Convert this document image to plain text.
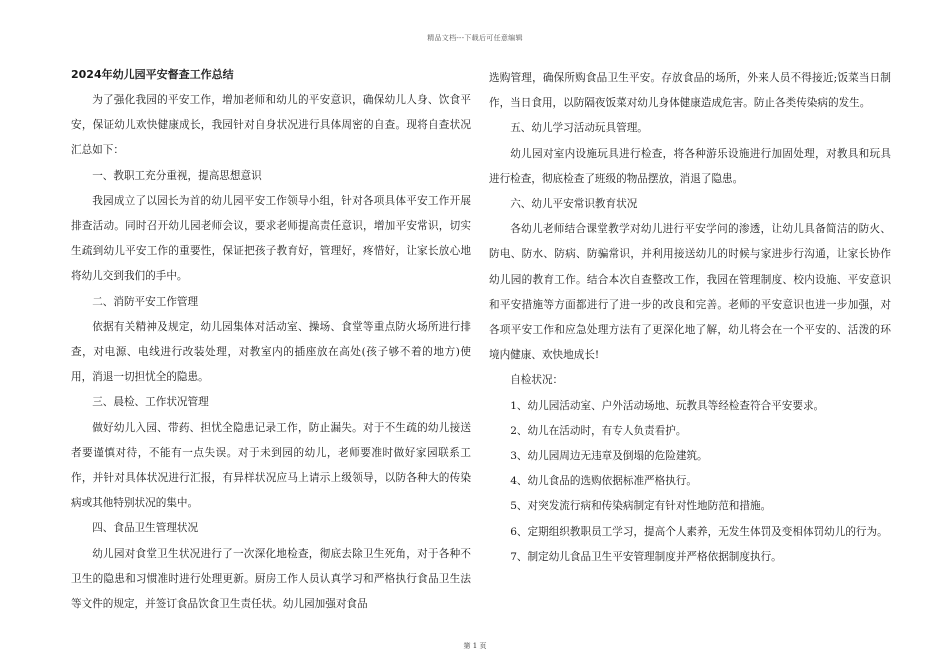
精品文档---下载后可任意编辑
2024年幼儿园平安督查工作总结

为了强化我园的平安工作，增加老师和幼儿的平安意识，确保幼儿人身、饮食平安，保证幼儿欢快健康成长，我园针对自身状况进行具体周密的自查。现将自查状况汇总如下：

一、教职工充分重视，提高思想意识

我园成立了以园长为首的幼儿园平安工作领导小组，针对各项具体平安工作开展排查活动。同时召开幼儿园老师会议，要求老师提高责任意识，增加平安常识，切实生疏到幼儿平安工作的重要性，保证把孩子教育好，管理好，疼惜好，让家长放心地将幼儿交到我们的手中。

二、消防平安工作管理

依据有关精神及规定，幼儿园集体对活动室、操场、食堂等重点防火场所进行排查，对电源、电线进行改装处理，对教室内的插座放在高处(孩子够不着的地方)使用，消退一切担忧全的隐患。

三、晨检、工作状况管理

做好幼儿入园、带药、担忧全隐患记录工作，防止漏失。对于不生疏的幼儿接送者要谨慎对待，不能有一点失误。对于未到园的幼儿，老师要准时做好家园联系工作，并针对具体状况进行汇报，有异样状况应马上请示上级领导，以防各种大的传染病或其他特别状况的集中。

四、食品卫生管理状况

幼儿园对食堂卫生状况进行了一次深化地检查，彻底去除卫生死角，对于各种不卫生的隐患和习惯准时进行处理更新。厨房工作人员认真学习和严格执行食品卫生法等文件的规定，并签订食品饮食卫生责任状。幼儿园加强对食品

选购管理，确保所购食品卫生平安。存放食品的场所，外来人员不得接近;饭菜当日制作，当日食用，以防隔夜饭菜对幼儿身体健康造成危害。防止各类传染病的发生。

五、幼儿学习活动玩具管理。

幼儿园对室内设施玩具进行检查，将各种游乐设施进行加固处理，对教具和玩具进行检查，彻底检查了班级的物品摆放，消退了隐患。

六、幼儿平安常识教育状况

各幼儿老师结合课堂教学对幼儿进行平安学问的渗透，让幼儿具备简洁的防火、防电、防水、防病、防骗常识，并利用接送幼儿的时候与家进步行沟通，让家长协作幼儿园的教育工作。结合本次自查整改工作，我园在管理制度、校内设施、平安意识和平安措施等方面都进行了进一步的改良和完善。老师的平安意识也进一步加强，对各项平安工作和应急处理方法有了更深化地了解，幼儿将会在一个平安的、活泼的环境内健康、欢快地成长!

自检状况：

1、幼儿园活动室、户外活动场地、玩教具等经检查符合平安要求。

2、幼儿在活动时，有专人负责看护。

3、幼儿园周边无违章及倒塌的危险建筑。

4、幼儿食品的选购依据标准严格执行。

5、对突发流行病和传染病制定有针对性地防范和措施。

6、定期组织教职员工学习，提高个人素养，无发生体罚及变相体罚幼儿的行为。

7、制定幼儿食品卫生平安管理制度并严格依据制度执行。

第 1 页
